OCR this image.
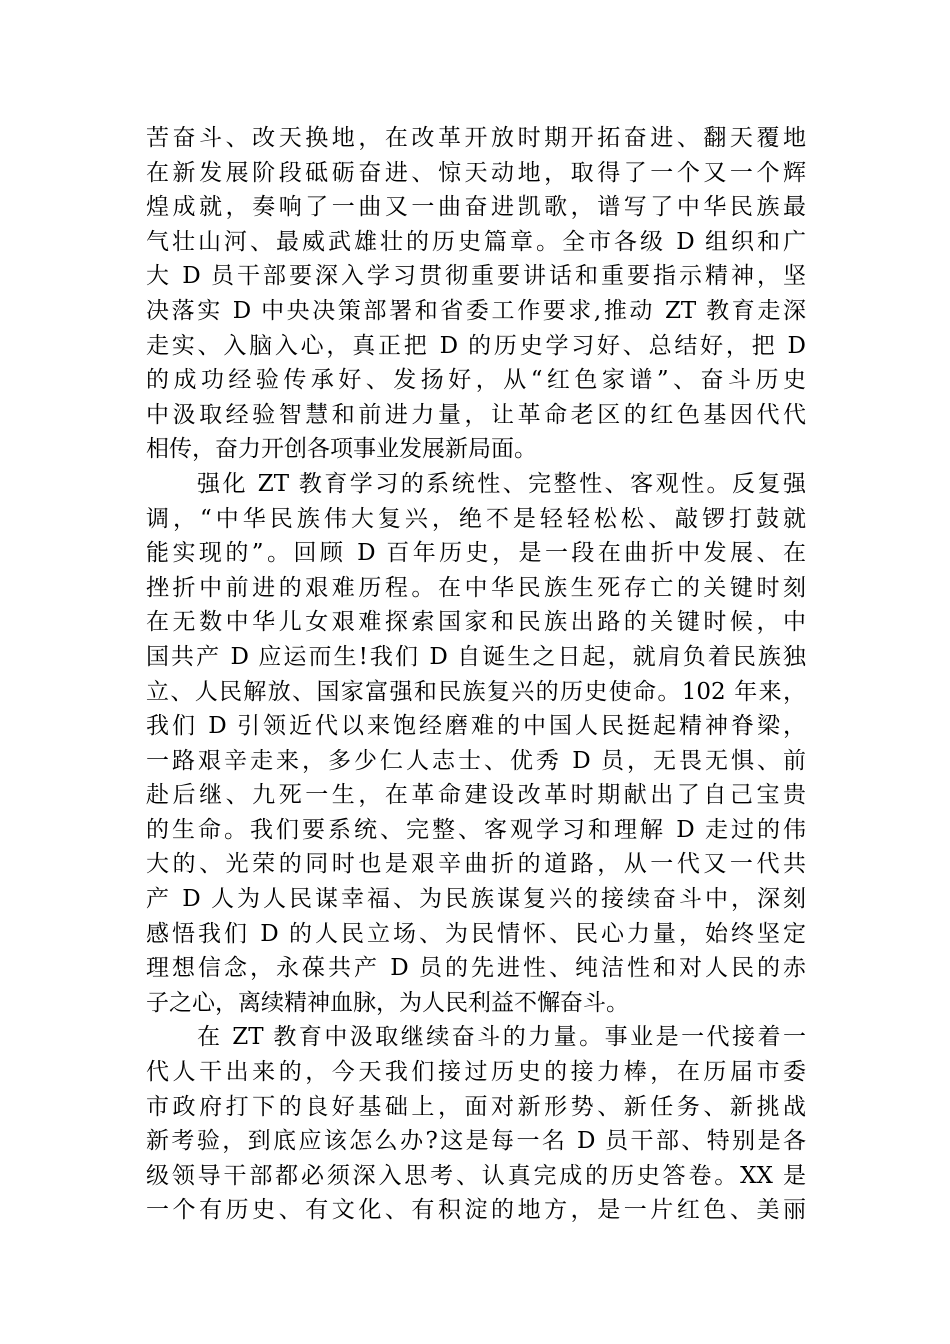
苦奋斗、改天换地，在改革开放时期开拓奋进、翻天覆地
在新发展阶段砥砺奋进、惊天动地，取得了一个又一个辉
煌成就，奏响了一曲又一曲奋进凯歌，谱写了中华民族最
气壮山河、最威武雄壮的历史篇章。全市各级 D 组织和广
大 D 员干部要深入学习贯彻重要讲话和重要指示精神，坚
决落实 D 中央决策部署和省委工作要求,推动 ZT 教育走深
走实、入脑入心，真正把 D 的历史学习好、总结好，把 D
的成功经验传承好、发扬好，从“红色家谱”、奋斗历史
中汲取经验智慧和前进力量，让革命老区的红色基因代代
相传，奋力开创各项事业发展新局面。
　　强化 ZT 教育学习的系统性、完整性、客观性。反复强
调，“中华民族伟大复兴，绝不是轻轻松松、敲锣打鼓就
能实现的”。回顾 D 百年历史，是一段在曲折中发展、在
挫折中前进的艰难历程。在中华民族生死存亡的关键时刻
在无数中华儿女艰难探索国家和民族出路的关键时候，中
国共产 D 应运而生!我们 D 自诞生之日起，就肩负着民族独
立、人民解放、国家富强和民族复兴的历史使命。102 年来，
我们 D 引领近代以来饱经磨难的中国人民挺起精神脊梁，
一路艰辛走来，多少仁人志士、优秀 D 员，无畏无惧、前
赴后继、九死一生，在革命建设改革时期献出了自己宝贵
的生命。我们要系统、完整、客观学习和理解 D 走过的伟
大的、光荣的同时也是艰辛曲折的道路，从一代又一代共
产 D 人为人民谋幸福、为民族谋复兴的接续奋斗中，深刻
感悟我们 D 的人民立场、为民情怀、民心力量，始终坚定
理想信念，永葆共产 D 员的先进性、纯洁性和对人民的赤
子之心，离续精神血脉，为人民利益不懈奋斗。
　　在 ZT 教育中汲取继续奋斗的力量。事业是一代接着一
代人干出来的，今天我们接过历史的接力棒，在历届市委
市政府打下的良好基础上，面对新形势、新任务、新挑战
新考验，到底应该怎么办?这是每一名 D 员干部、特别是各
级领导干部都必须深入思考、认真完成的历史答卷。XX 是
一个有历史、有文化、有积淀的地方，是一片红色、美丽
